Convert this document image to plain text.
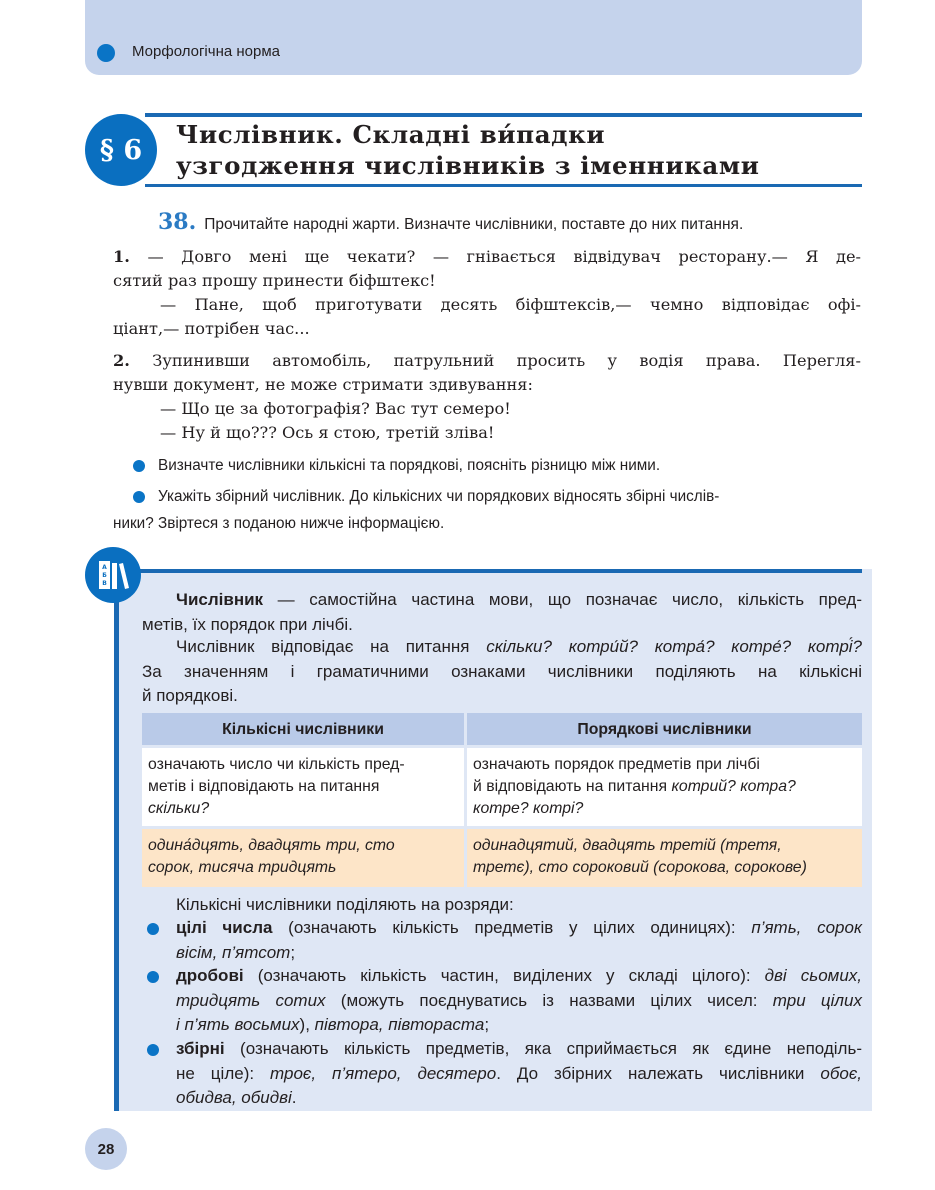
Морфологічна норма
§ 6	Числівник. Складні ви́падки
узгодження числівників з іменниками
38. Прочитайте народні жарти. Визначте числівники, поставте до них питання.
1. — Довго мені ще чекати? — гнівається відвідувач ресторану.— Я де-
сятий раз прошу принести біфштекс!
— Пане, щоб приготувати десять біфштексів,— чемно відповідає офі-
ціант,— потрібен час...
2. Зупинивши автомобіль, патрульний просить у водія права. Перегля-
нувши документ, не може стримати здивування:
— Що це за фотографія? Вас тут семеро!
— Ну й що??? Ось я стою, третій зліва!
Визначте числівники кількісні та порядкові, поясніть різницю між ними.
Укажіть збірний числівник. До кількісних чи порядкових відносять збірні числів-
ники? Звіртеся з поданою нижче інформацією.
А
Б
В
Числівник — самостійна частина мови, що позначає число, кількість пред-
метів, їх порядок при лічбі.
Числівник відповідає на питання скільки? котри́й? котра́? котре́? котрі́?
За значенням і граматичними ознаками числівники поділяють на кількісні
й порядкові.
Кількісні числівники	Порядкові числівники
означають число чи кількість пред-
метів і відповідають на питання
скільки?
означають порядок предметів при лічбі
й відповідають на питання котрий? котра?
котре? котрі?
одина́дцять, двадцять три, сто
сорок, тисяча тридцять
одинадцятий, двадцять третій (третя,
третє), сто сороковий (сорокова, сорокове)
Кількісні числівники поділяють на розряди:
цілі числа (означають кількість предметів у цілих одиницях): п’ять, сорок
вісім, п’ятсот;
дробові (означають кількість частин, виділених у складі цілого): дві сьомих,
тридцять сотих (можуть поєднуватись із назвами цілих чисел: три цілих
і п’ять восьмих), півтора, півтораста;
збірні (означають кількість предметів, яка сприймається як єдине неподіль-
не ціле): троє, п’ятеро, десятеро. До збірних належать числівники обоє,
обидва, обидві.
28
